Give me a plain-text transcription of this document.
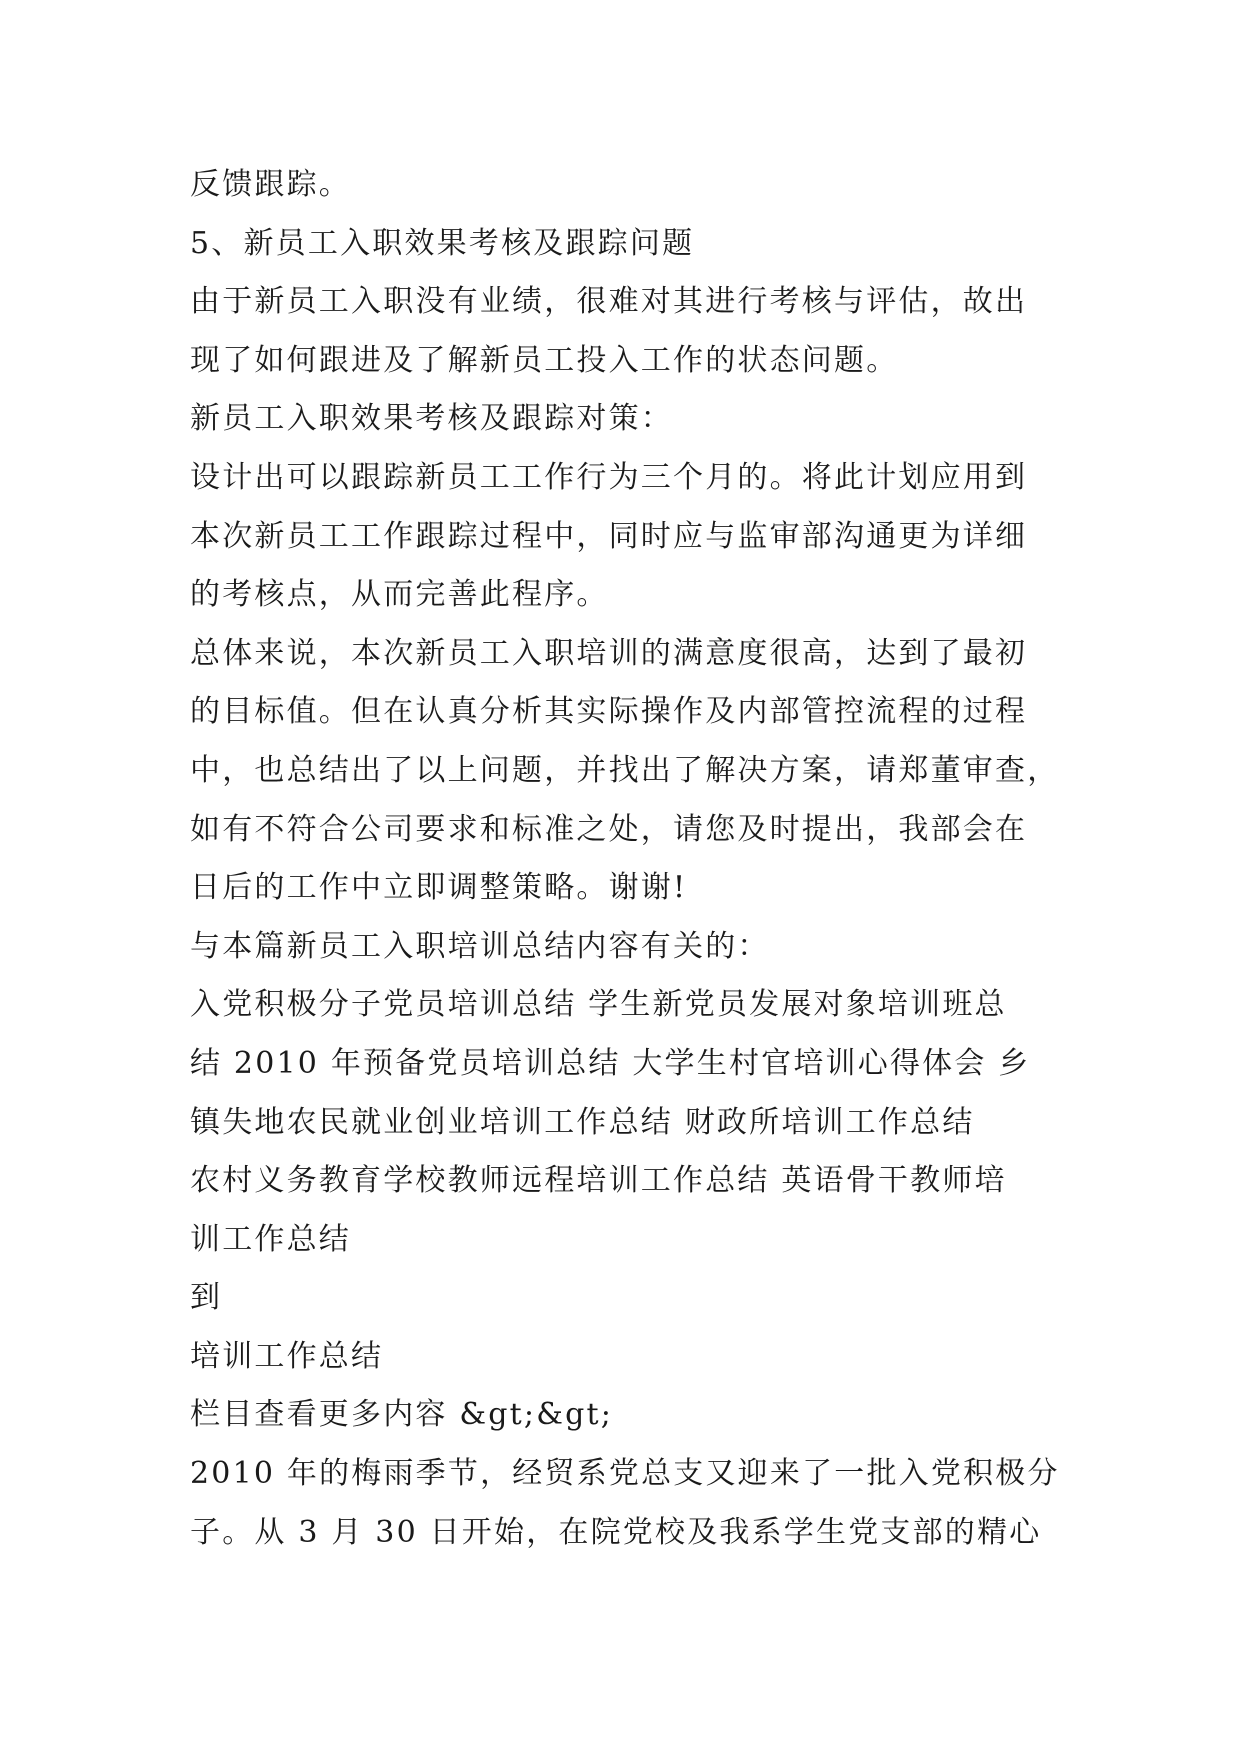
反馈跟踪。
5、新员工入职效果考核及跟踪问题
由于新员工入职没有业绩，很难对其进行考核与评估，故出
现了如何跟进及了解新员工投入工作的状态问题。
新员工入职效果考核及跟踪对策：
设计出可以跟踪新员工工作行为三个月的。将此计划应用到
本次新员工工作跟踪过程中，同时应与监审部沟通更为详细
的考核点，从而完善此程序。
总体来说，本次新员工入职培训的满意度很高，达到了最初
的目标值。但在认真分析其实际操作及内部管控流程的过程
中，也总结出了以上问题，并找出了解决方案，请郑董审查，
如有不符合公司要求和标准之处，请您及时提出，我部会在
日后的工作中立即调整策略。谢谢!
与本篇新员工入职培训总结内容有关的：
入党积极分子党员培训总结 学生新党员发展对象培训班总
结 2010 年预备党员培训总结 大学生村官培训心得体会 乡
镇失地农民就业创业培训工作总结 财政所培训工作总结
农村义务教育学校教师远程培训工作总结 英语骨干教师培
训工作总结
到
培训工作总结
栏目查看更多内容 &gt;&gt;
2010 年的梅雨季节，经贸系党总支又迎来了一批入党积极分
子。从 3 月 30 日开始，在院党校及我系学生党支部的精心
